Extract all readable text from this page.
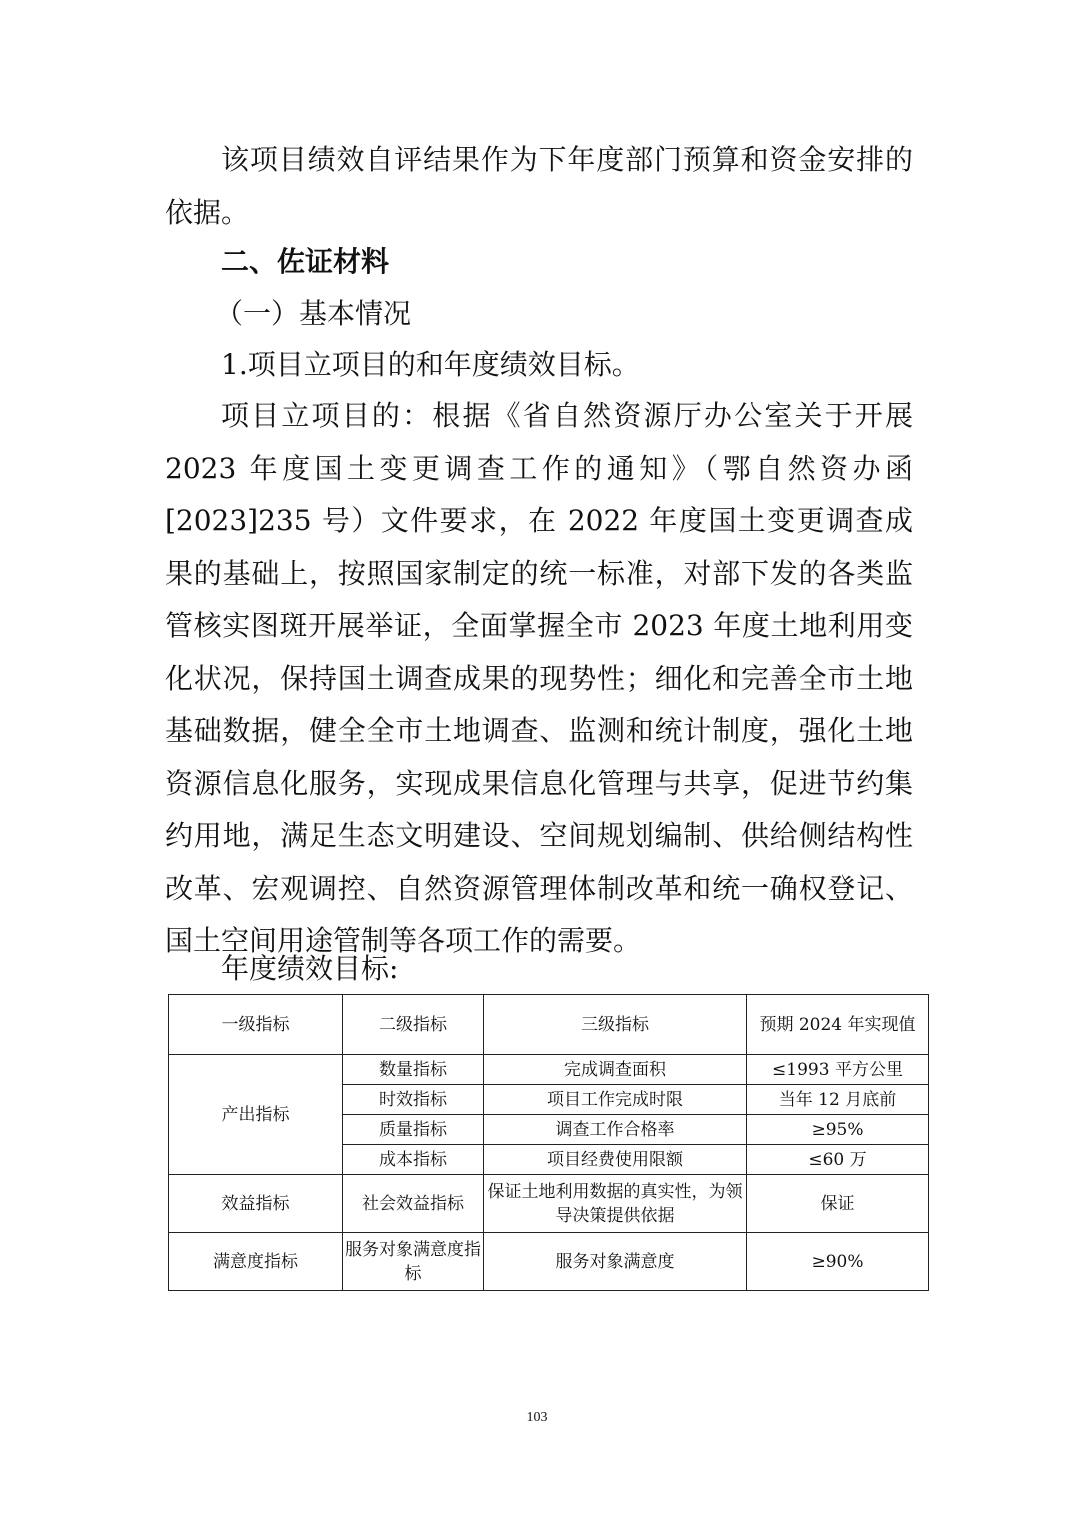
该项目绩效自评结果作为下年度部门预算和资金安排的依据。

二、佐证材料

（一）基本情况

1.项目立项目的和年度绩效目标。

项目立项目的：根据《省自然资源厅办公室关于开展2023 年度国土变更调查工作的通知》（鄂自然资办函[2023]235 号）文件要求，在 2022 年度国土变更调查成果的基础上，按照国家制定的统一标准，对部下发的各类监管核实图斑开展举证，全面掌握全市 2023 年度土地利用变化状况，保持国土调查成果的现势性；细化和完善全市土地基础数据，健全全市土地调查、监测和统计制度，强化土地资源信息化服务，实现成果信息化管理与共享，促进节约集约用地，满足生态文明建设、空间规划编制、供给侧结构性改革、宏观调控、自然资源管理体制改革和统一确权登记、国土空间用途管制等各项工作的需要。

年度绩效目标:

一级指标	二级指标	三级指标	预期 2024 年实现值
产出指标	数量指标	完成调查面积	≤1993 平方公里
	时效指标	项目工作完成时限	当年 12 月底前
	质量指标	调查工作合格率	≥95%
	成本指标	项目经费使用限额	≤60 万
效益指标	社会效益指标	保证土地利用数据的真实性，为领导决策提供依据	保证
满意度指标	服务对象满意度指标	服务对象满意度	≥90%
103
